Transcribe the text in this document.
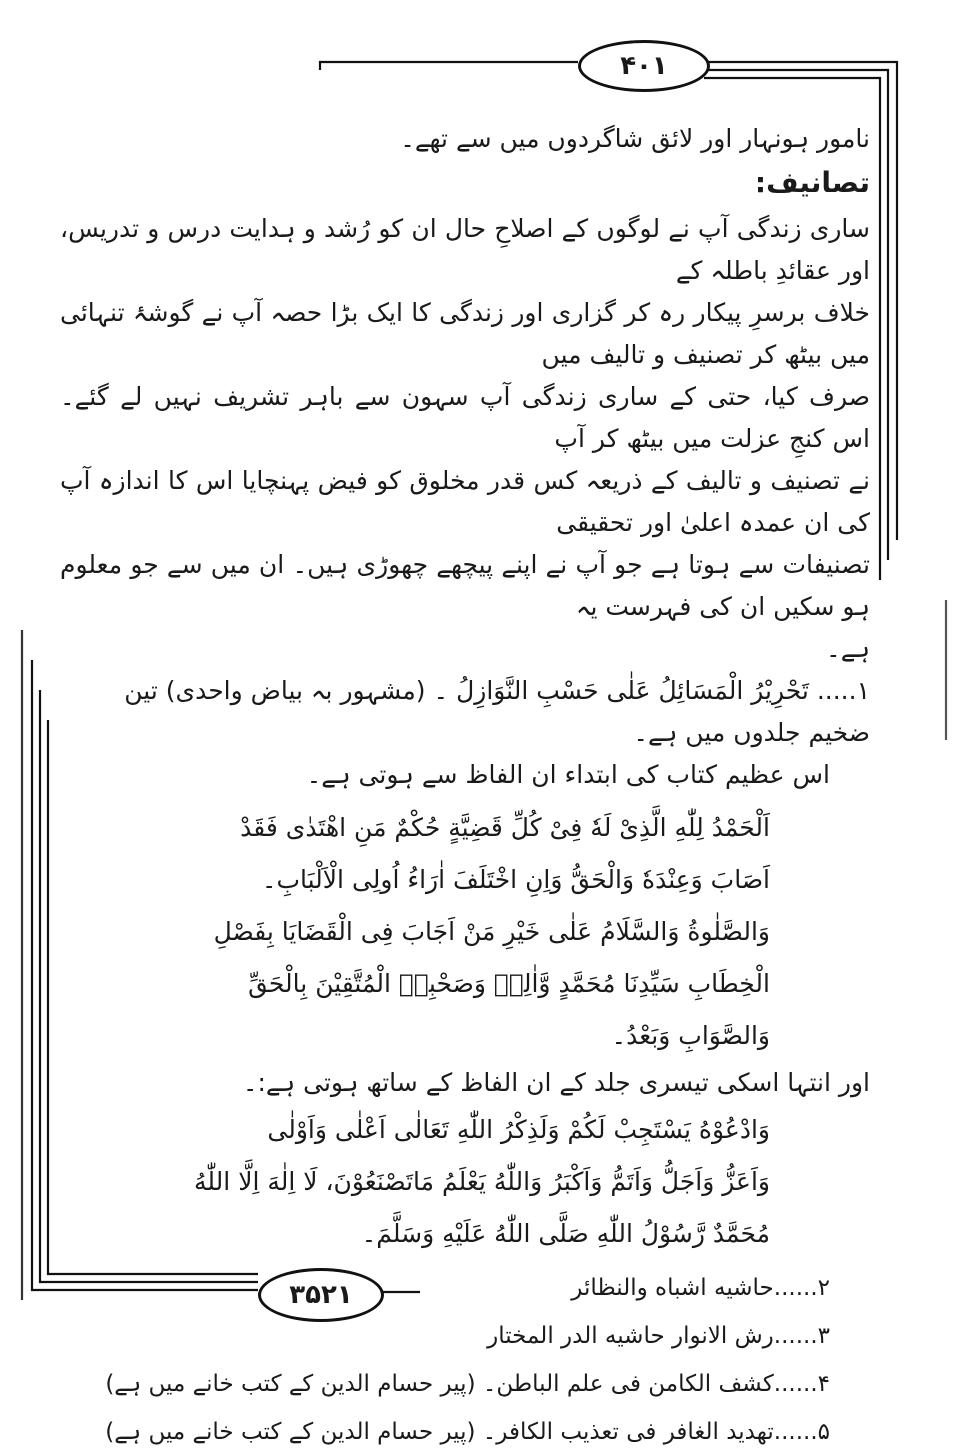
۴۰۱

نامور ہونہار اور لائق شاگردوں میں سے تھے۔

تصانیف:

ساری زندگی آپ نے لوگوں کے اصلاحِ حال ان کو رُشد و ہدایت درس و تدریس، اور عقائدِ باطلہ کے

خلاف برسرِ پیکار رہ کر گزاری اور زندگی کا ایک بڑا حصہ آپ نے گوشۂ تنہائی میں بیٹھ کر تصنیف و تالیف میں

صرف کیا، حتی کے ساری زندگی آپ سہون سے باہر تشریف نہیں لے گئے۔ اس کنجِ عزلت میں بیٹھ کر آپ

نے تصنیف و تالیف کے ذریعہ کس قدر مخلوق کو فیض پہنچایا اس کا اندازہ آپ کی ان عمدہ اعلیٰ اور تحقیقی

تصنیفات سے ہوتا ہے جو آپ نے اپنے پیچھے چھوڑی ہیں۔ ان میں سے جو معلوم ہو سکیں ان کی فہرست یہ

ہے۔

۱..... تَحْرِيْرُ الْمَسَائِلُ عَلٰى حَسْبِ النَّوَازِلُ ۔ (مشہور بہ بیاض واحدی) تین ضخیم جلدوں میں ہے۔

اس عظیم کتاب کی ابتداء ان الفاظ سے ہوتی ہے۔

اَلْحَمْدُ لِلّٰهِ الَّذِىْ لَهٗ فِىْ كُلِّ قَضِيَّةٍ حُكْمٌ مَنِ اهْتَدٰى فَقَدْ

اَصَابَ وَعِنْدَهٗ وَالْحَقُّ وَاِنِ اخْتَلَفَ اٰرَاءُ اُولِى الْاَلْبَابِ۔

وَالصَّلٰوةُ وَالسَّلَامُ عَلٰى خَيْرِ مَنْ اَجَابَ فِى الْقَضَايَا بِفَصْلِ

الْخِطَابِ سَيِّدِنَا مُحَمَّدٍ وَّاٰلِهٖ وَصَحْبِهٖ الْمُتَّقِيْنَ بِالْحَقِّ

وَالصَّوَابِ وَبَعْدُ۔

اور انتہا اسکی تیسری جلد کے ان الفاظ کے ساتھ ہوتی ہے:۔

وَادْعُوْهُ يَسْتَجِبْ لَكُمْ وَلَذِكْرُ اللّٰهِ تَعَالٰى اَعْلٰى وَاَوْلٰى

وَاَعَزُّ وَاَجَلُّ وَاَتَمُّ وَاَكْبَرُ وَاللّٰهُ يَعْلَمُ مَاتَصْنَعُوْنَ، لَا اِلٰهَ اِلَّا اللّٰهُ

مُحَمَّدٌ رَّسُوْلُ اللّٰهِ صَلَّى اللّٰهُ عَلَيْهِ وَسَلَّمَ۔

۲......حاشيه اشباه والنظائر

۳......رش الانوار حاشيه الدر المختار

۴......كشف الكامن فى علم الباطن۔ (پیر حسام الدین کے کتب خانے میں ہے)

۵......تهديد الغافر فى تعذيب الكافر۔ (پیر حسام الدین کے کتب خانے میں ہے)

۳۵۲۱
